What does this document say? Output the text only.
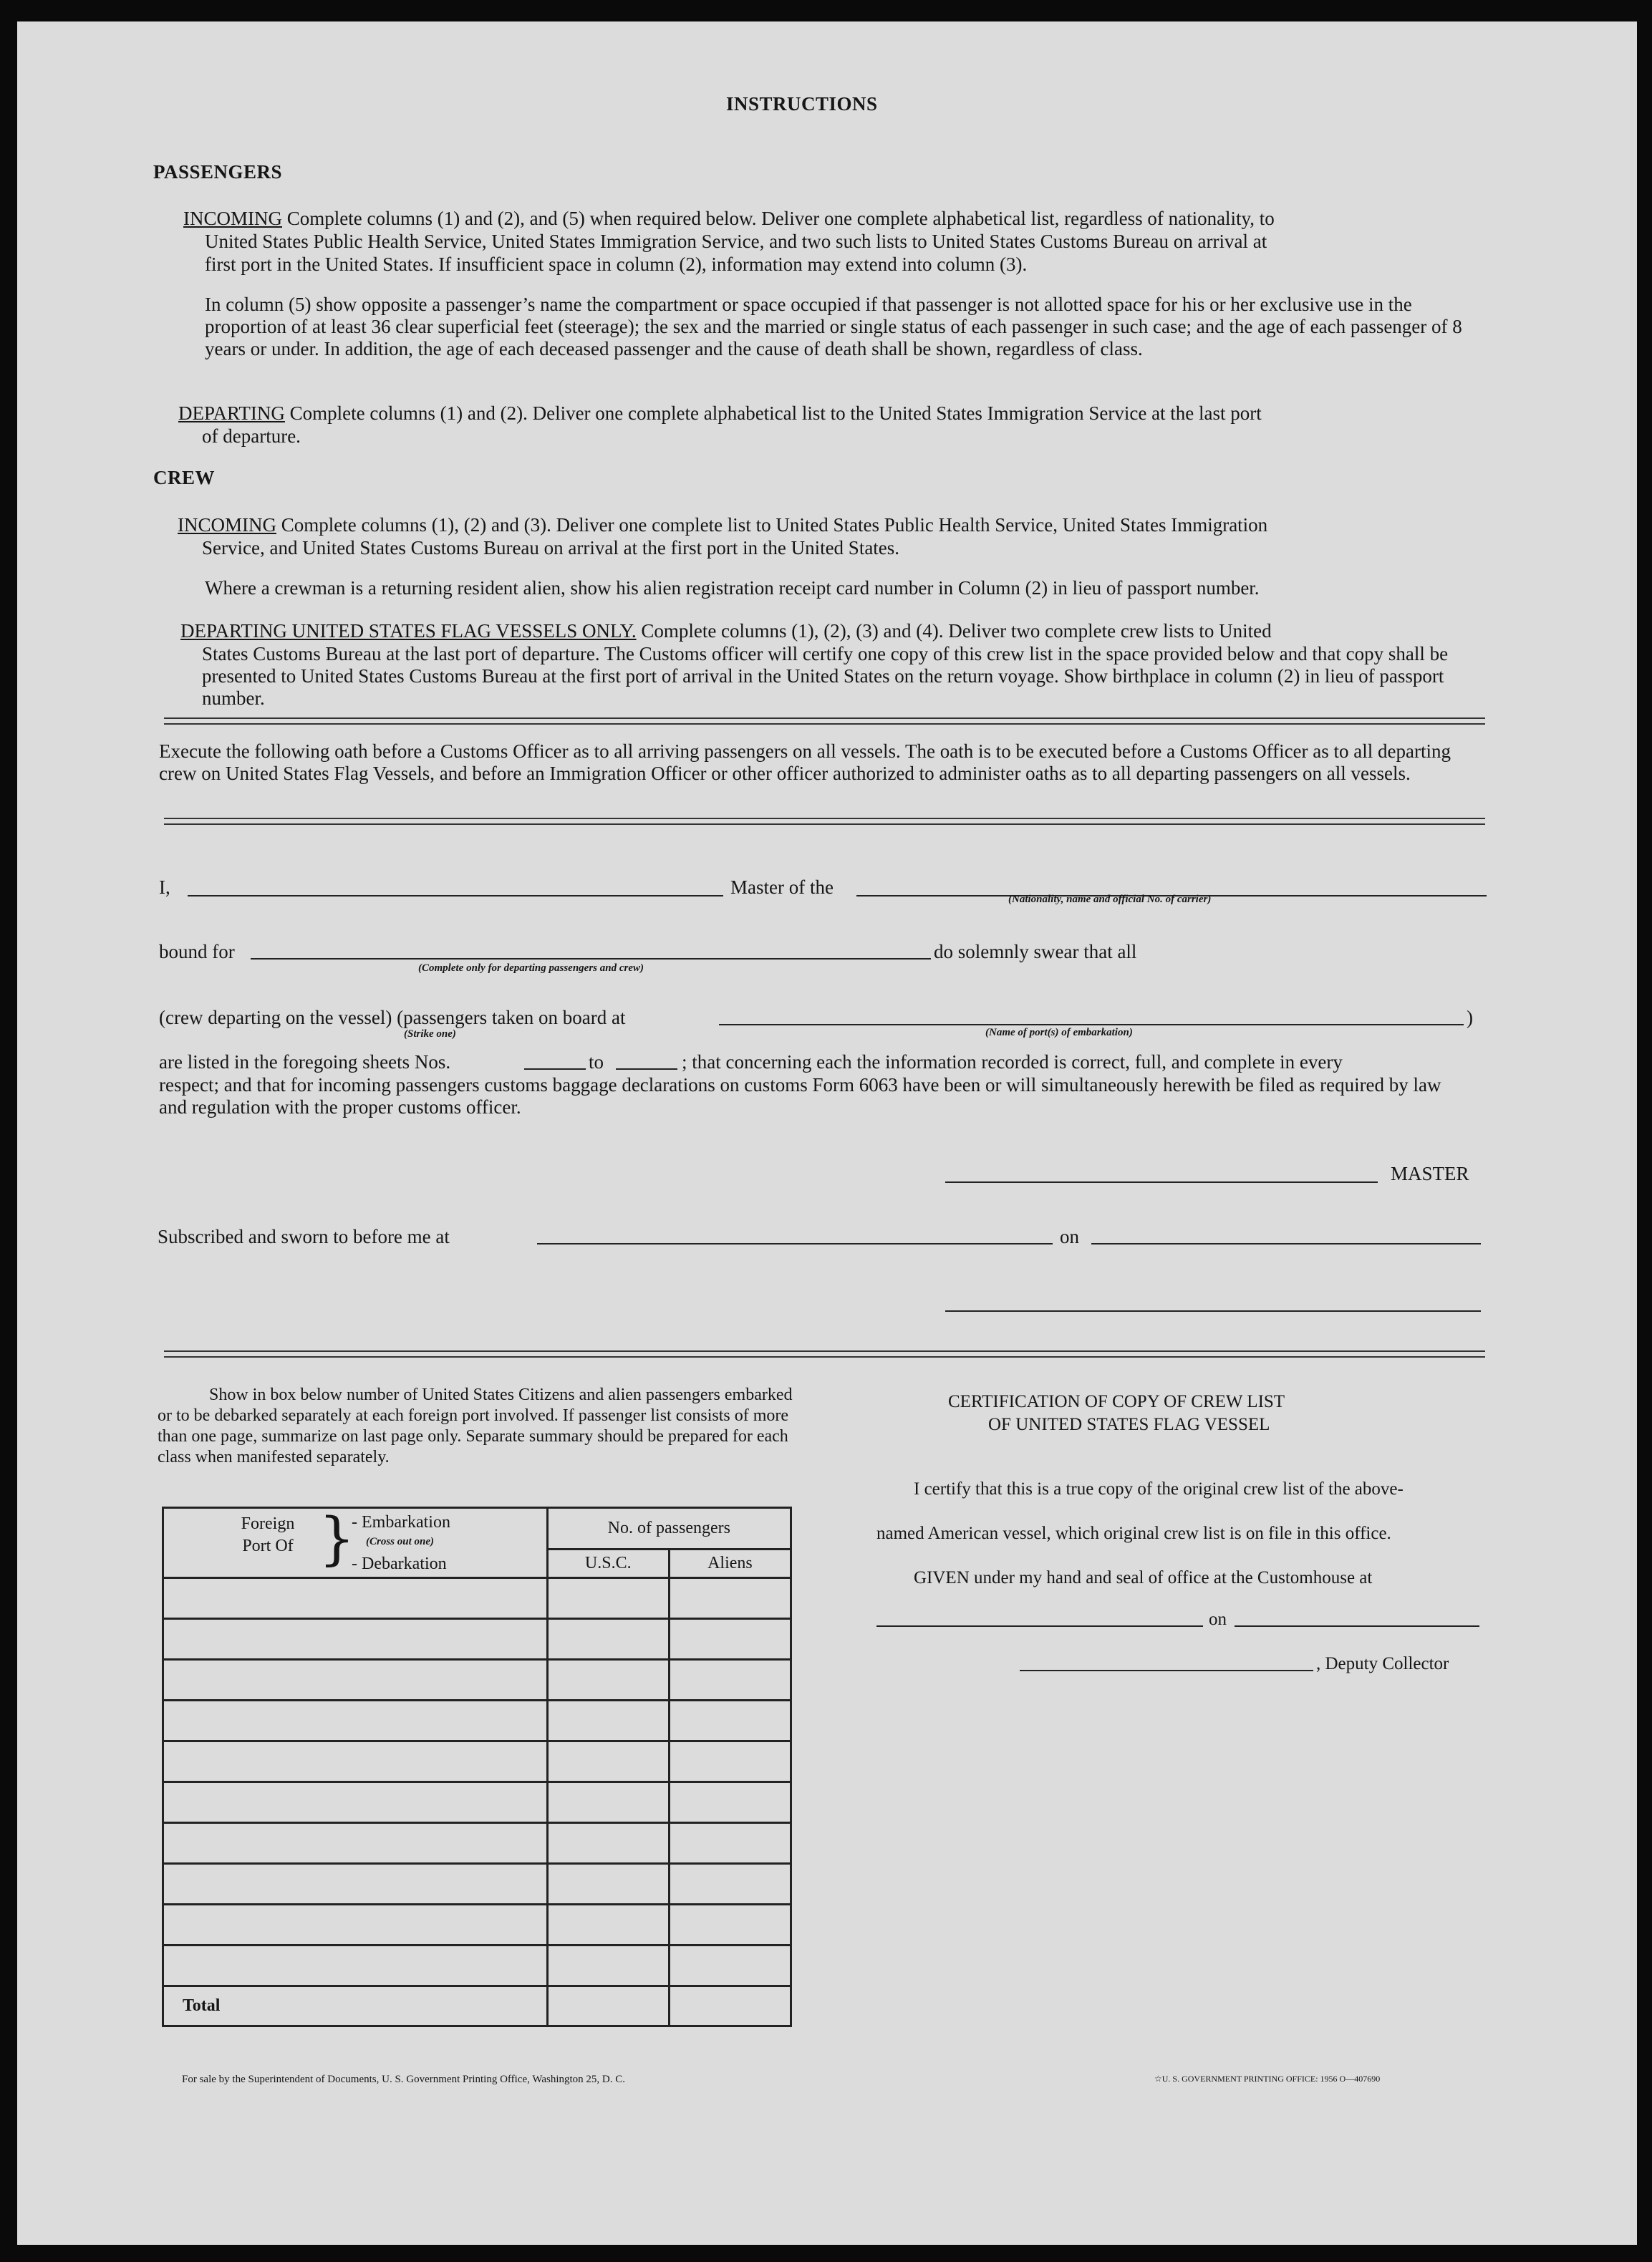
INSTRUCTIONS
PASSENGERS
INCOMING Complete columns (1) and (2), and (5) when required below. Deliver one complete alphabetical list, regardless of nationality, to
United States Public Health Service, United States Immigration Service, and two such lists to United States Customs Bureau on arrival at
first port in the United States. If insufficient space in column (2), information may extend into column (3).
In column (5) show opposite a passenger’s name the compartment or space occupied if that passenger is not allotted space for his or her exclusive use in the proportion of at least 36 clear superficial feet (steerage); the sex and the married or single status of each passenger in such case; and the age of each passenger of 8 years or under. In addition, the age of each deceased passenger and the cause of death shall be shown, regardless of class.
DEPARTING Complete columns (1) and (2). Deliver one complete alphabetical list to the United States Immigration Service at the last port
of departure.
CREW
INCOMING Complete columns (1), (2) and (3). Deliver one complete list to United States Public Health Service, United States Immigration
Service, and United States Customs Bureau on arrival at the first port in the United States.
Where a crewman is a returning resident alien, show his alien registration receipt card number in Column (2) in lieu of passport number.
DEPARTING UNITED STATES FLAG VESSELS ONLY. Complete columns (1), (2), (3) and (4). Deliver two complete crew lists to United
States Customs Bureau at the last port of departure. The Customs officer will certify one copy of this crew list in the space provided below and that copy shall be presented to United States Customs Bureau at the first port of arrival in the United States on the return voyage. Show birthplace in column (2) in lieu of passport number.
Execute the following oath before a Customs Officer as to all arriving passengers on all vessels. The oath is to be executed before a Customs Officer as to all departing crew on United States Flag Vessels, and before an Immigration Officer or other officer authorized to administer oaths as to all departing passengers on all vessels.
I,	Master of the
(Nationality, name and official No. of carrier)
bound for
(Complete only for departing passengers and crew)
do solemnly swear that all
(crew departing on the vessel) (passengers taken on board at
(Strike one)	(Name of port(s) of embarkation)
)
are listed in the foregoing sheets Nos.	to	; that concerning each the information recorded is correct, full, and complete in every
respect; and that for incoming passengers customs baggage declarations on customs Form 6063 have been or will simultaneously herewith be filed as required by law and regulation with the proper customs officer.
MASTER
Subscribed and sworn to before me at	on
Show in box below number of United States Citizens and alien passengers embarked or to be debarked separately at each foreign port involved. If passenger list consists of more than one page, summarize on last page only. Separate summary should be prepared for each class when manifested separately.
Foreign Port Of }
- Embarkation
(Cross out one)
- Debarkation	No. of passengers	
	U.S.C.	Aliens

Total		
CERTIFICATION OF COPY OF CREW LIST
OF UNITED STATES FLAG VESSEL
I certify that this is a true copy of the original crew list of the above-
named American vessel, which original crew list is on file in this office.
GIVEN under my hand and seal of office at the Customhouse at
on
, Deputy Collector
For sale by the Superintendent of Documents, U. S. Government Printing Office, Washington 25, D. C.	☆U. S. GOVERNMENT PRINTING OFFICE: 1956 O—407690
